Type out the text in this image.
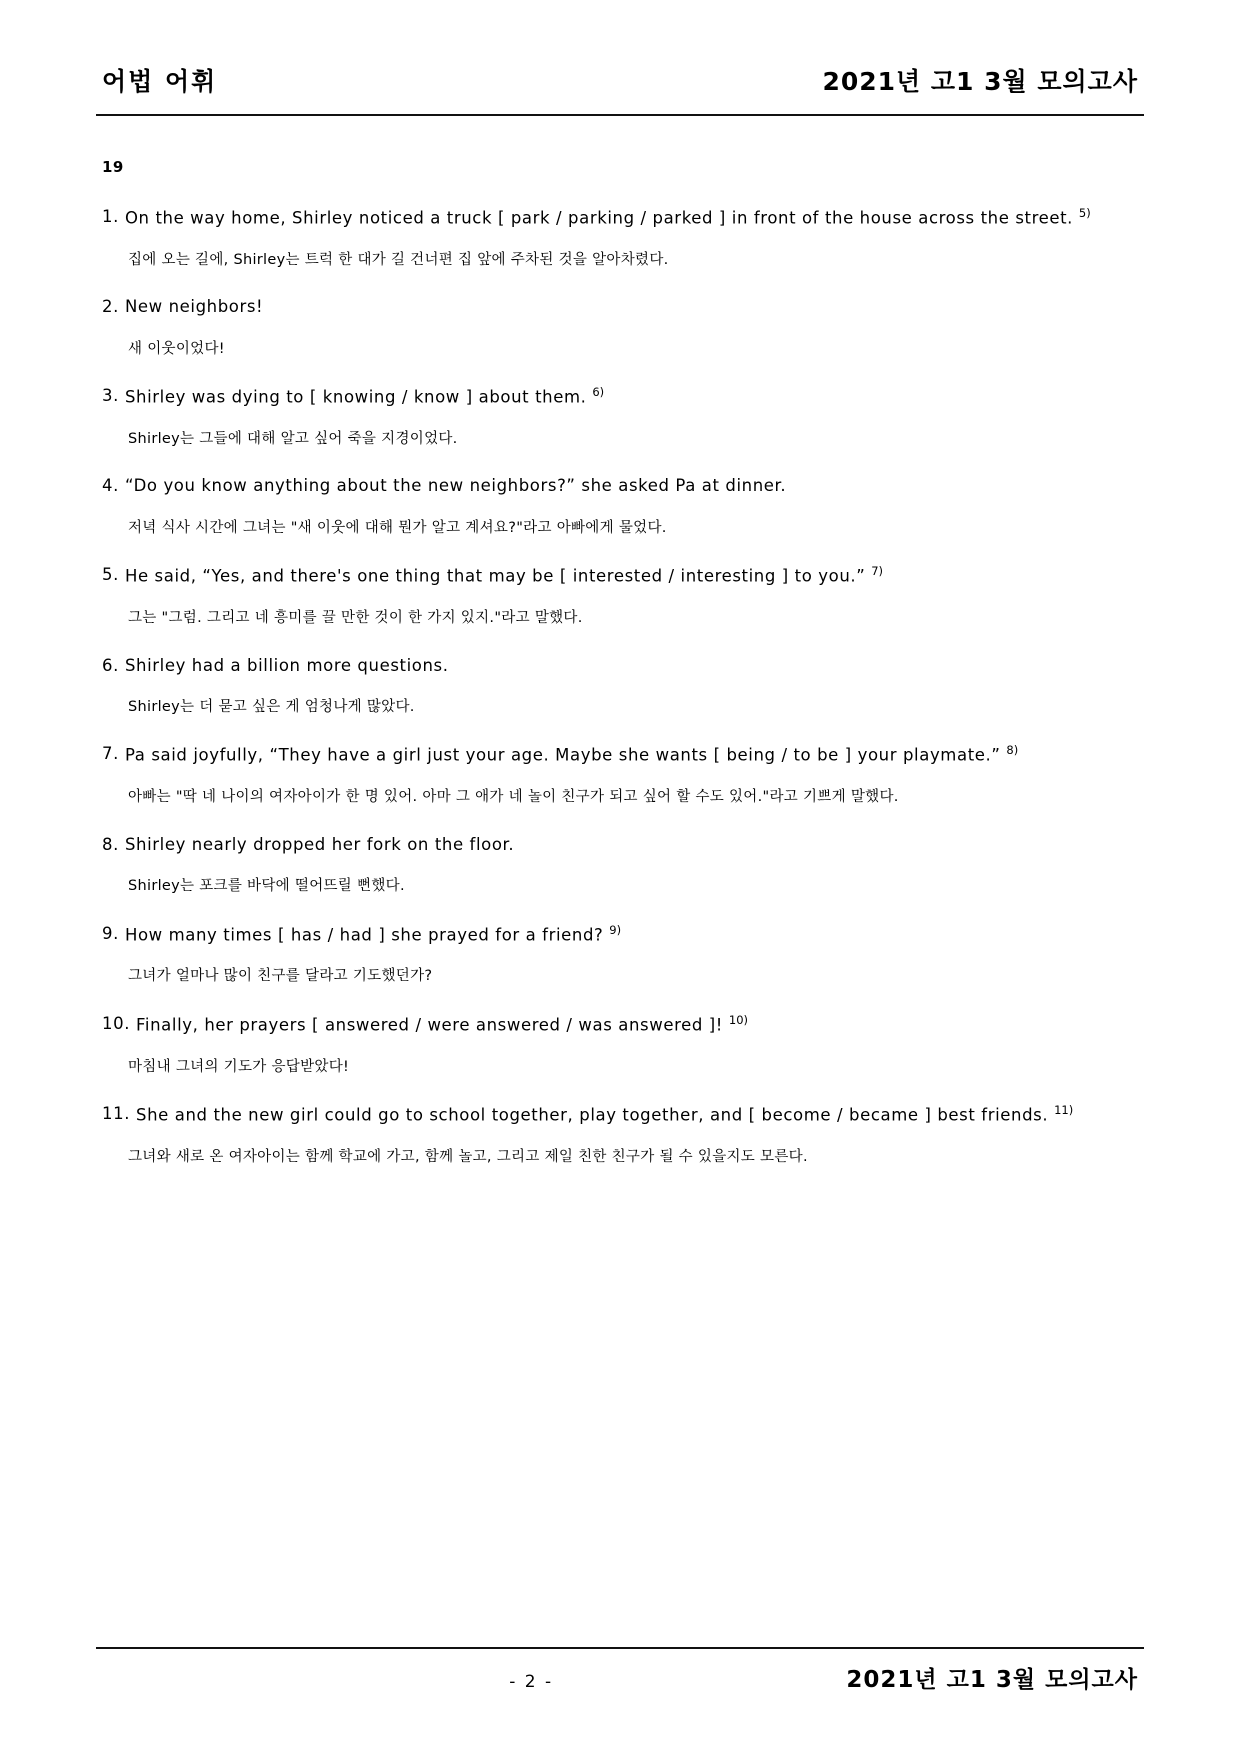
어법 어휘	2021년 고1 3월 모의고사
19
1. On the way home, Shirley noticed a truck [ park / parking / parked ] in front of the house across the street. $^{5)}$
집에 오는 길에, Shirley는 트럭 한 대가 길 건너편 집 앞에 주차된 것을 알아차렸다.
2. New neighbors!
새 이웃이었다!
3. Shirley was dying to [ knowing / know ] about them. $^{6)}$
Shirley는 그들에 대해 알고 싶어 죽을 지경이었다.
4. “Do you know anything about the new neighbors?” she asked Pa at dinner.
저녁 식사 시간에 그녀는 "새 이웃에 대해 뭔가 알고 계셔요?"라고 아빠에게 물었다.
5. He said, “Yes, and there's one thing that may be [ interested / interesting ] to you.” $^{7)}$
그는 "그럼. 그리고 네 흥미를 끌 만한 것이 한 가지 있지."라고 말했다.
6. Shirley had a billion more questions.
Shirley는 더 묻고 싶은 게 엄청나게 많았다.
7. Pa said joyfully, “They have a girl just your age. Maybe she wants [ being / to be ] your playmate.” $^{8)}$
아빠는 "딱 네 나이의 여자아이가 한 명 있어. 아마 그 애가 네 놀이 친구가 되고 싶어 할 수도 있어."라고 기쁘게 말했다.
8. Shirley nearly dropped her fork on the floor.
Shirley는 포크를 바닥에 떨어뜨릴 뻔했다.
9. How many times [ has / had ] she prayed for a friend? $^{9)}$
그녀가 얼마나 많이 친구를 달라고 기도했던가?
10. Finally, her prayers [ answered / were answered / was answered ]! $^{10)}$
마침내 그녀의 기도가 응답받았다!
11. She and the new girl could go to school together, play together, and [ become / became ] best friends. $^{11)}$
그녀와 새로 온 여자아이는 함께 학교에 가고, 함께 놀고, 그리고 제일 친한 친구가 될 수 있을지도 모른다.
- 2 -	2021년 고1 3월 모의고사
